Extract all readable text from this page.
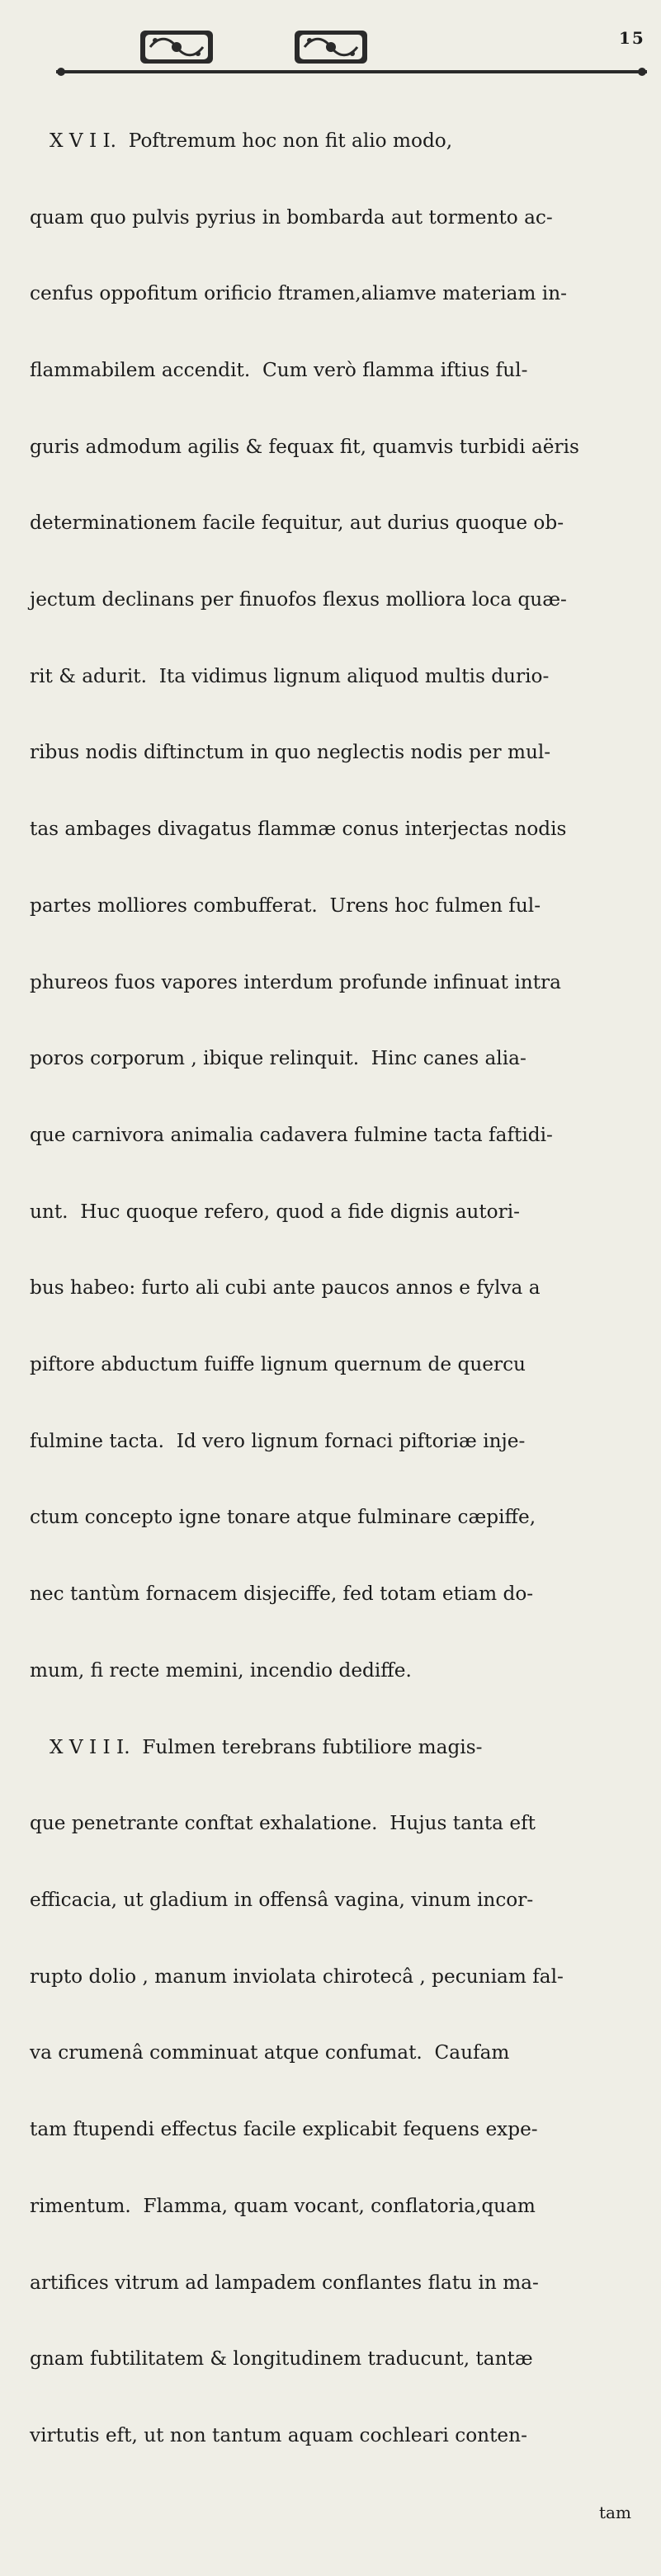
15

X V I I.  Poftremum hoc non fit alio modo,

quam quo pulvis pyrius in bombarda aut tormento ac-

cenfus oppofitum orificio ftramen,aliamve materiam in-

flammabilem accendit.  Cum verò flamma iftius ful-

guris admodum agilis & fequax fit, quamvis turbidi aëris

determinationem facile fequitur, aut durius quoque ob-

jectum declinans per finuofos flexus molliora loca quæ-

rit & adurit.  Ita vidimus lignum aliquod multis durio-

ribus nodis diftinctum in quo neglectis nodis per mul-

tas ambages divagatus flammæ conus interjectas nodis

partes molliores combufferat.  Urens hoc fulmen ful-

phureos fuos vapores interdum profunde infinuat intra

poros corporum , ibique relinquit.  Hinc canes alia-

que carnivora animalia cadavera fulmine tacta faftidi-

unt.  Huc quoque refero, quod a fide dignis autori-

bus habeo: furto ali cubi ante paucos annos e fylva a

piftore abductum fuiffe lignum quernum de quercu

fulmine tacta.  Id vero lignum fornaci piftoriæ inje-

ctum concepto igne tonare atque fulminare cæpiffe,

nec tantùm fornacem disjeciffe, fed totam etiam do-

mum, fi recte memini, incendio dediffe.

X V I I I.  Fulmen terebrans fubtiliore magis-

que penetrante conftat exhalatione.  Hujus tanta eft

efficacia, ut gladium in offensâ vagina, vinum incor-

rupto dolio , manum inviolata chirotecâ , pecuniam fal-

va crumenâ comminuat atque confumat.  Caufam

tam ftupendi effectus facile explicabit fequens expe-

rimentum.  Flamma, quam vocant, conflatoria,quam

artifices vitrum ad lampadem conflantes flatu in ma-

gnam fubtilitatem & longitudinem traducunt, tantæ

virtutis eft, ut non tantum aquam cochleari conten-

tam
